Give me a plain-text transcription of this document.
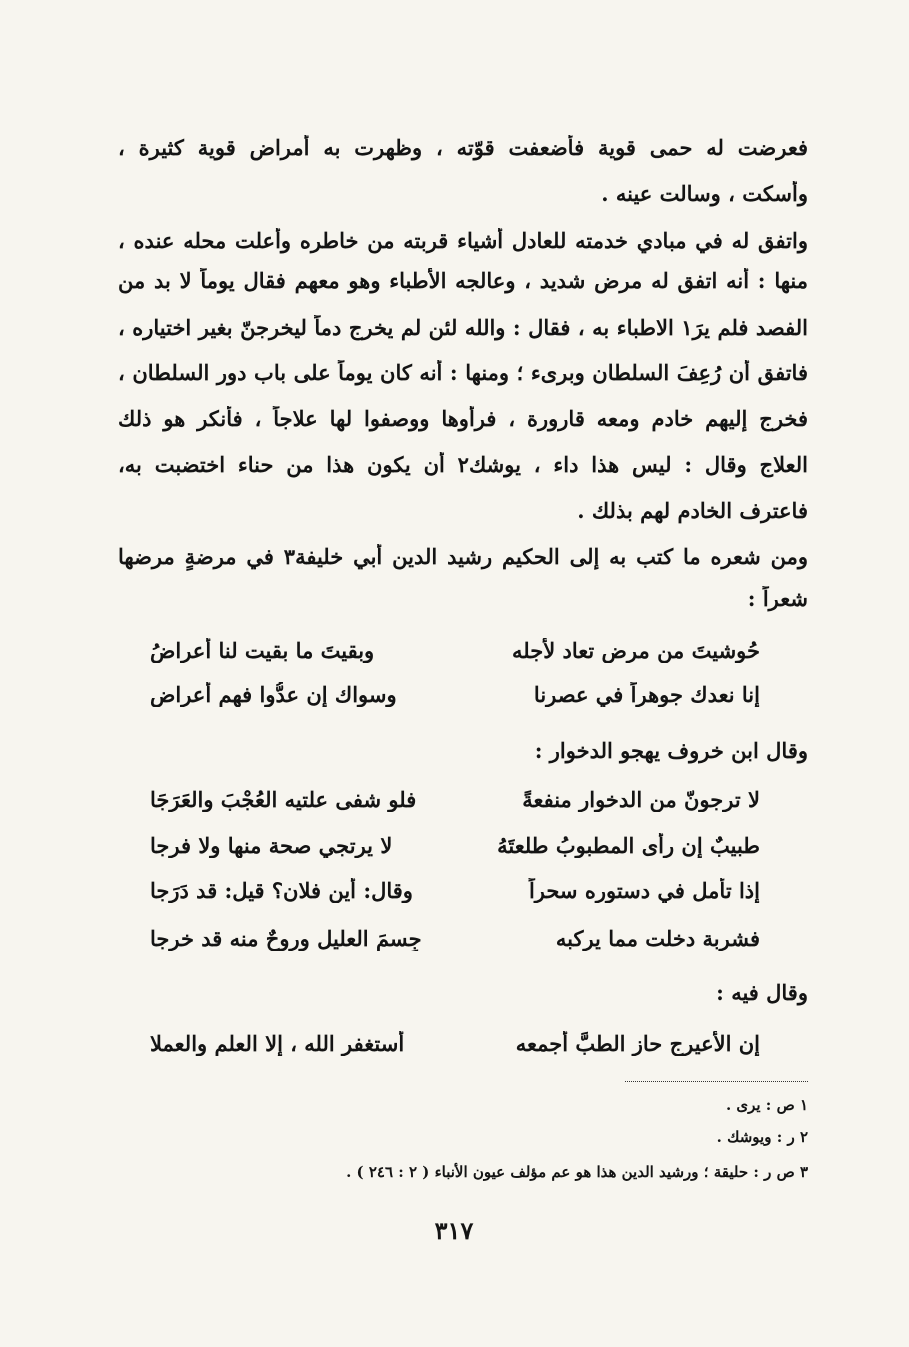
فعرضت له حمى قوية فأضعفت قوّته ، وظهرت به أمراض قوية كثيرة ،
وأسكت ، وسالت عينه .
واتفق له في مبادي خدمته للعادل أشياء قربته من خاطره وأعلت محله عنده ،
منها : أنه اتفق له مرض شديد ، وعالجه الأطباء وهو معهم فقال يوماً لا بد من
الفصد فلم يرَ١ الاطباء به ، فقال : والله لئن لم يخرج دماً ليخرجنّ بغير اختياره ،
فاتفق أن رُعِفَ السلطان وبرىء ؛ ومنها : أنه كان يوماً على باب دور السلطان ،
فخرج إليهم خادم ومعه قارورة ، فرأوها ووصفوا لها علاجاً ، فأنكر هو ذلك
العلاج وقال : ليس هذا داء ، يوشك٢ أن يكون هذا من حناء اختضبت به،
فاعترف الخادم لهم بذلك .
ومن شعره ما كتب به إلى الحكيم رشيد الدين أبي خليفة٣ في مرضةٍ مرضها
شعراً :
حُوشيتَ من مرض تعاد لأجله
وبقيتَ ما بقيت لنا أعراضُ
إنا نعدك جوهراً في عصرنا
وسواك إن عدُّوا فهم أعراض
وقال ابن خروف يهجو الدخوار :
لا ترجونّ من الدخوار منفعةً
فلو شفى علتيه العُجْبَ والعَرَجَا
طبيبٌ إن رأى المطبوبُ طلعتَهُ
لا يرتجي صحة منها ولا فرجا
إذا تأمل في دستوره سحراً
وقال: أين فلان؟ قيل: قد دَرَجا
فشربة دخلت مما يركبه
جِسمَ العليل وروحٌ منه قد خرجا
وقال فيه :
إن الأعيرج حاز الطبَّ أجمعه
أستغفر الله ، إلا العلم والعملا
١ ص : يرى .
٢ ر : ويوشك .
٣ ص ر : حليقة ؛ ورشيد الدين هذا هو عم مؤلف عيون الأنباء ( ٢ : ٢٤٦ ) .
٣١٧
